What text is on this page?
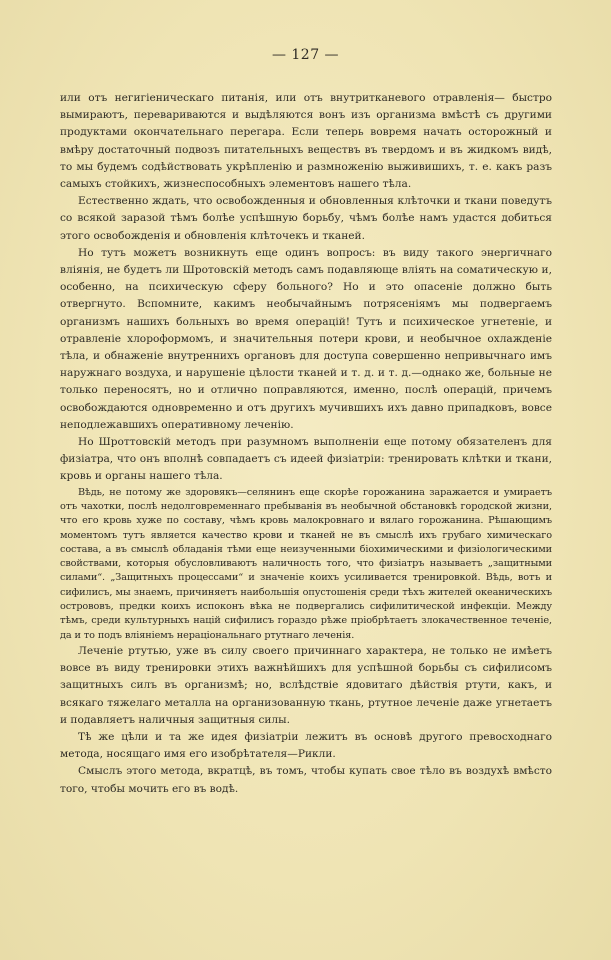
— 127 —

или отъ негигіеническаго питанія, или отъ внутритканевого отравленія— быстро вымираютъ, перевариваются и выдѣляются вонъ изъ организма вмѣстѣ съ другими продуктами окончательнаго перегара. Если теперь вовремя начать осторожный и вмѣру достаточный подвозъ питательныхъ веществъ въ твердомъ и въ жидкомъ видѣ, то мы будемъ содѣйствовать укрѣпленію и размноженію выживишихъ, т. е. какъ разъ самыхъ стойкихъ, жизнеспособныхъ элементовъ нашего тѣла.

Естественно ждать, что освобожденныя и обновленныя клѣточки и ткани поведутъ со всякой заразой тѣмъ болѣе успѣшную борьбу, чѣмъ болѣе намъ удастся добиться этого освобожденія и обновленія клѣточекъ и тканей.

Но тутъ можетъ возникнуть еще одинъ вопросъ: въ виду такого энергичнаго вліянія, не будетъ ли Шротовскій методъ самъ подавляюще влiять на соматическую и, особенно, на психическую сферу больного? Но и это опасеніе должно быть отвергнуто. Вспомните, какимъ необычайнымъ потрясеніямъ мы подвергаемъ организмъ нашихъ больныхъ во время операцій! Тутъ и психическое угнетеніе, и отравленіе хлороформомъ, и значительныя потери крови, и необычное охлажденіе тѣла, и обнаженіе внутреннихъ органовъ для доступа совершенно непривычнаго имъ наружнаго воздуха, и нарушеніе цѣлости тканей и т. д. и т. д.—однако же, больные не только переносятъ, но и отлично поправляются, именно, послѣ операцій, причемъ освобождаются одновременно и отъ другихъ мучившихъ ихъ давно припадковъ, вовсе неподлежавшихъ оперативному леченію.

Но Шроттовскій методъ при разумномъ выполненіи еще потому обязателенъ для физіатра, что онъ вполнѣ совпадаетъ съ идеей физіатріи: тренировать клѣтки и ткани, кровь и органы нашего тѣла.

Вѣдь, не потому же здоровякъ—селянинъ еще скорѣе горожанина заражается и умираетъ отъ чахотки, послѣ недолговременнаго пребыванія въ необычной обстановкѣ городской жизни, что его кровь хуже по составу, чѣмъ кровь малокровнаго и вялаго горожанина. Рѣшающимъ моментомъ тутъ является качество крови и тканей не въ смыслѣ ихъ грубаго химическаго состава, а въ смыслѣ обладанія тѣми еще неизученными біохимическими и физіологическими свойствами, которыя обусловливаютъ наличность того, что физіатръ называетъ „защитными силами“. „Защитныхъ процессами“ и значеніе коихъ усиливается тренировкой. Вѣдь, вотъ и сифилисъ, мы знаемъ, причиняетъ наибольшія опустошенія среди тѣхъ жителей океаническихъ острововъ, предки коихъ испоконъ вѣка не подвергались сифилитической инфекціи. Между тѣмъ, среди культурныхъ націй сифилисъ гораздо рѣже пріобрѣтаетъ злокачественное теченіе, да и то подъ вліяніемъ нераціональнаго ртутнаго леченія.

Леченіе ртутью, уже въ силу своего причиннаго характера, не только не имѣетъ вовсе въ виду тренировки этихъ важнѣйшихъ для успѣшной борьбы съ сифилисомъ защитныхъ силъ въ организмѣ; но, вслѣдствіе ядовитаго дѣйствія ртути, какъ, и всякаго тяжелаго металла на организованную ткань, ртутное леченіе даже угнетаетъ и подавляетъ наличныя защитныя силы.

Тѣ же цѣли и та же идея физіатріи лежитъ въ основѣ другого превосходнаго метода, носящаго имя его изобрѣтателя—Рикли.

Смыслъ этого метода, вкратцѣ, въ томъ, чтобы купать свое тѣло въ воздухѣ вмѣсто того, чтобы мочить его въ водѣ.
